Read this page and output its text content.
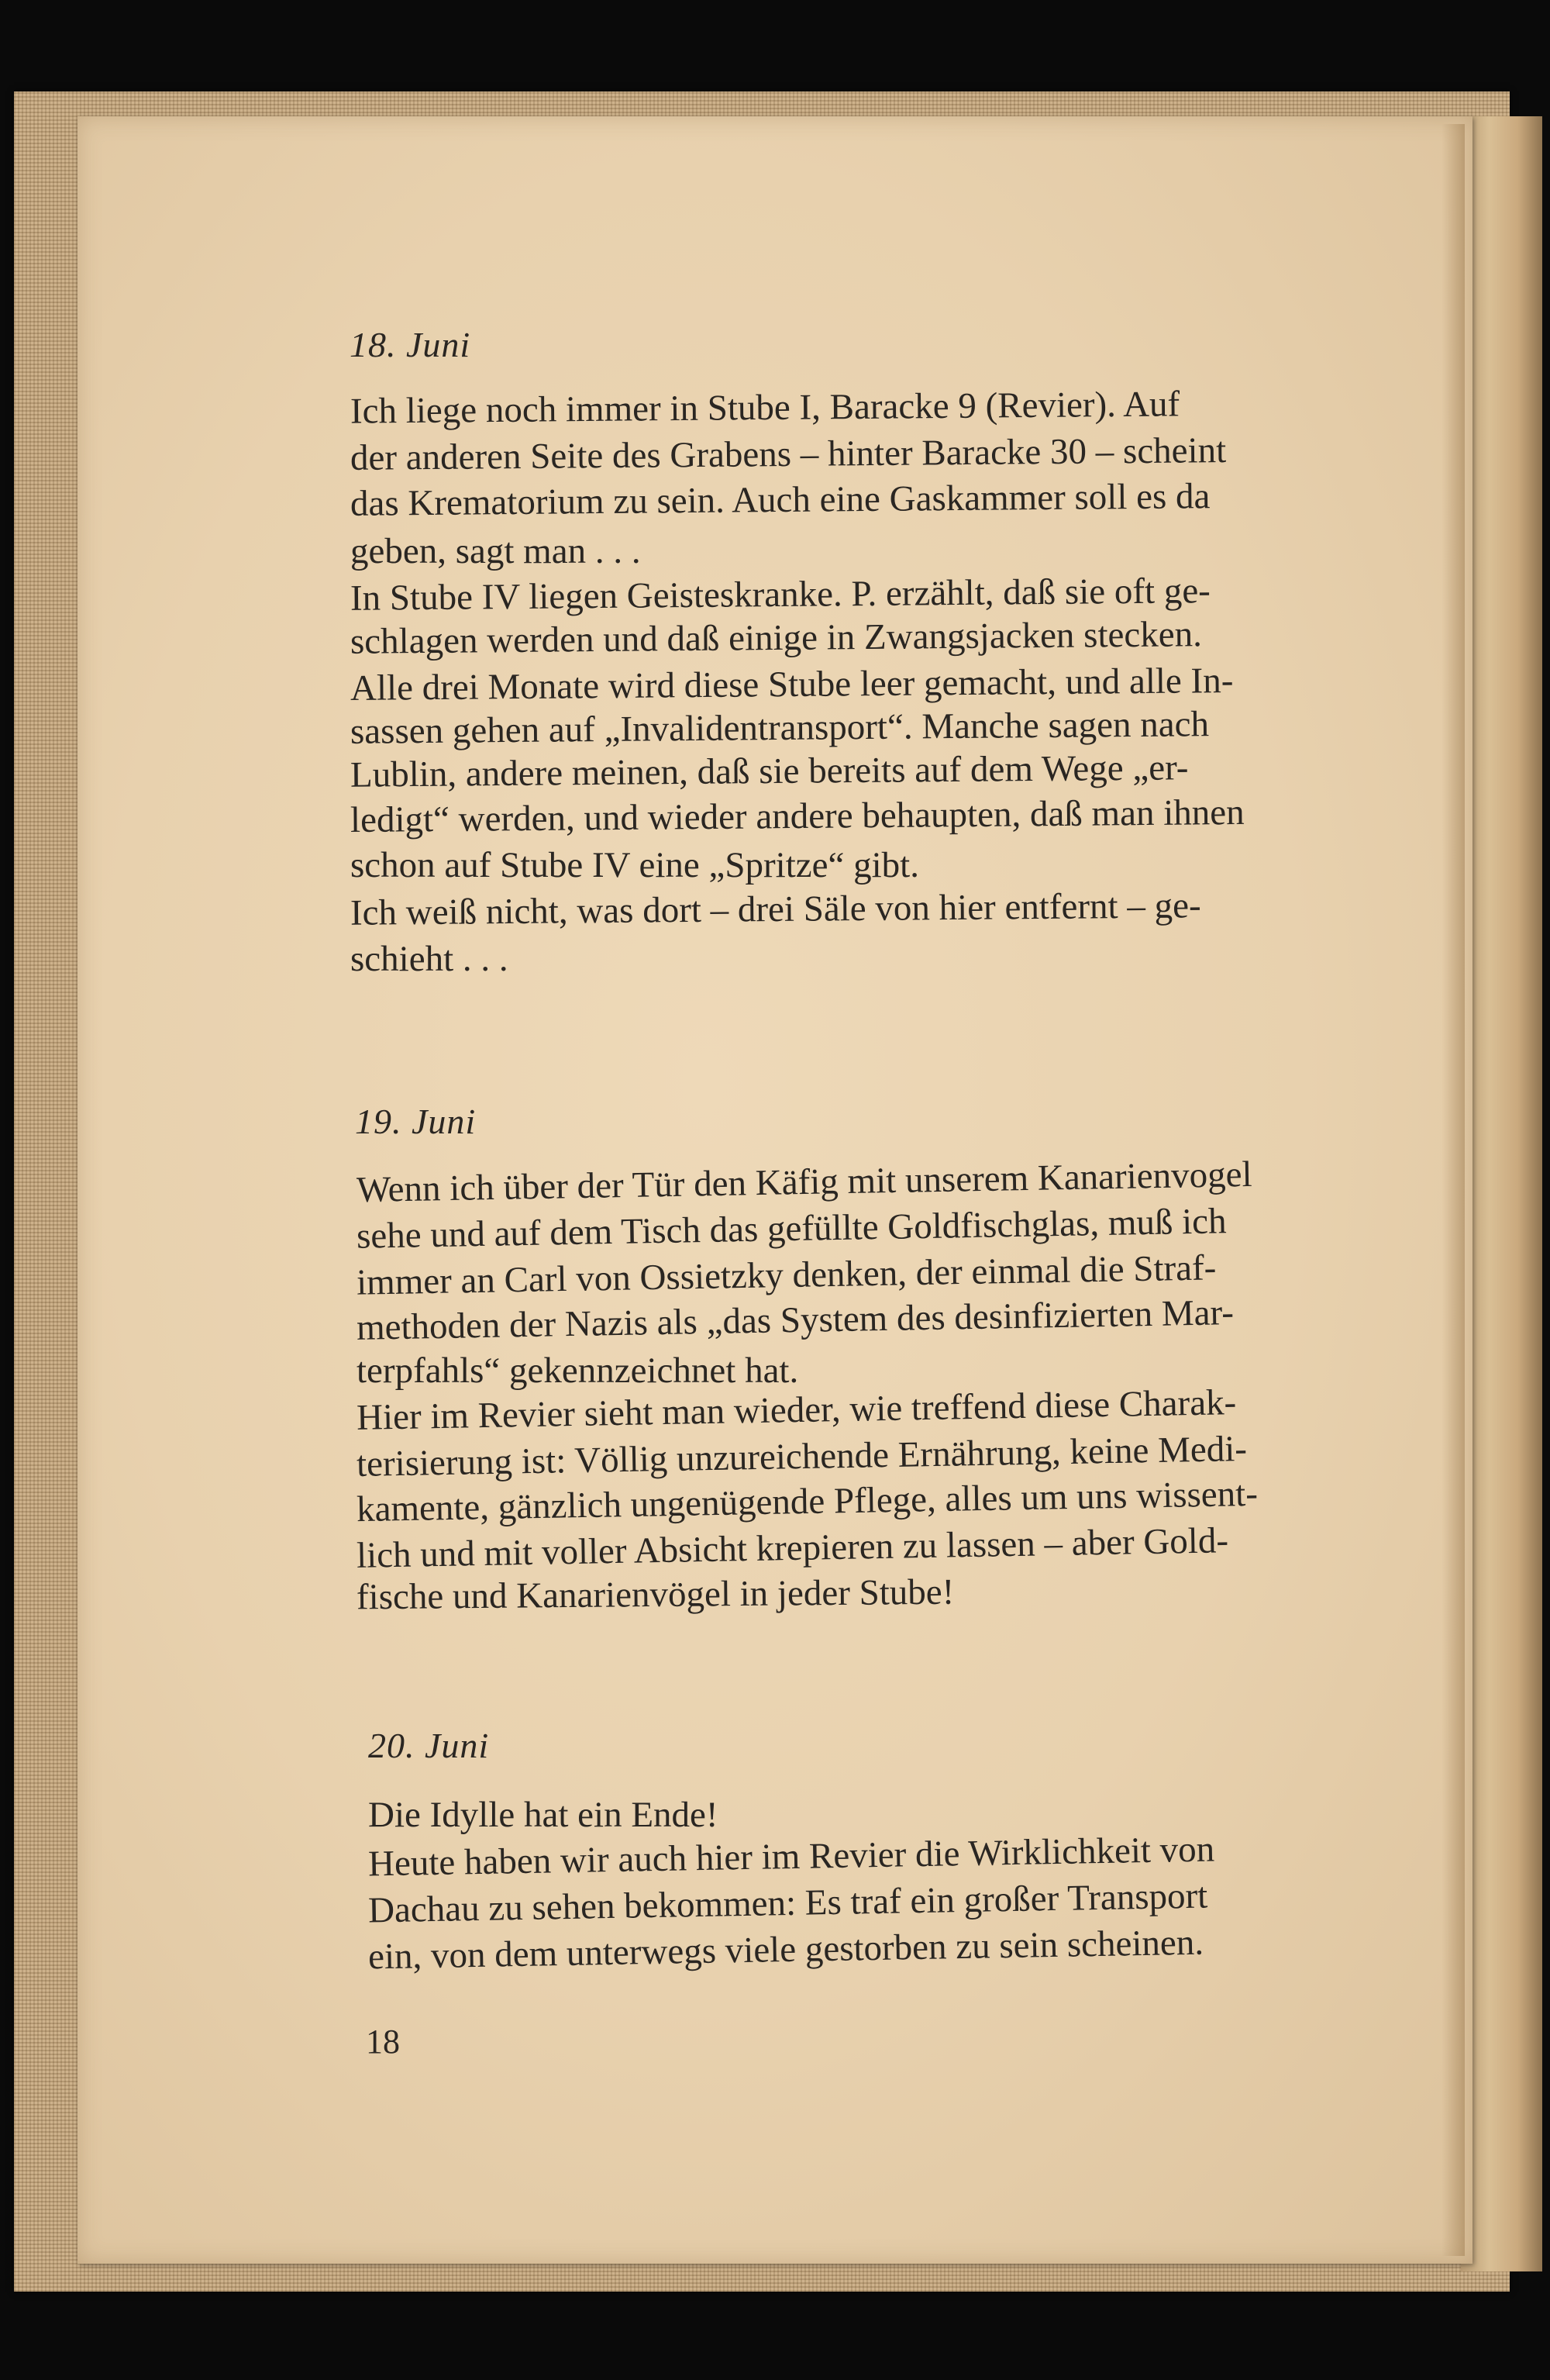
18. Juni

Ich liege noch immer in Stube I, Baracke 9 (Revier). Auf

der anderen Seite des Grabens – hinter Baracke 30 – scheint

das Krematorium zu sein. Auch eine Gaskammer soll es da

geben, sagt man . . .

In Stube IV liegen Geisteskranke. P. erzählt, daß sie oft ge-

schlagen werden und daß einige in Zwangsjacken stecken.

Alle drei Monate wird diese Stube leer gemacht, und alle In-

sassen gehen auf „Invalidentransport“. Manche sagen nach

Lublin, andere meinen, daß sie bereits auf dem Wege „er-

ledigt“ werden, und wieder andere behaupten, daß man ihnen

schon auf Stube IV eine „Spritze“ gibt.

Ich weiß nicht, was dort – drei Säle von hier entfernt – ge-

schieht . . .

19. Juni

Wenn ich über der Tür den Käfig mit unserem Kanarienvogel

sehe und auf dem Tisch das gefüllte Goldfischglas, muß ich

immer an Carl von Ossietzky denken, der einmal die Straf-

methoden der Nazis als „das System des desinfizierten Mar-

terpfahls“ gekennzeichnet hat.

Hier im Revier sieht man wieder, wie treffend diese Charak-

terisierung ist: Völlig unzureichende Ernährung, keine Medi-

kamente, gänzlich ungenügende Pflege, alles um uns wissent-

lich und mit voller Absicht krepieren zu lassen – aber Gold-

fische und Kanarienvögel in jeder Stube!

20. Juni

Die Idylle hat ein Ende!

Heute haben wir auch hier im Revier die Wirklichkeit von

Dachau zu sehen bekommen: Es traf ein großer Transport

ein, von dem unterwegs viele gestorben zu sein scheinen.

18
